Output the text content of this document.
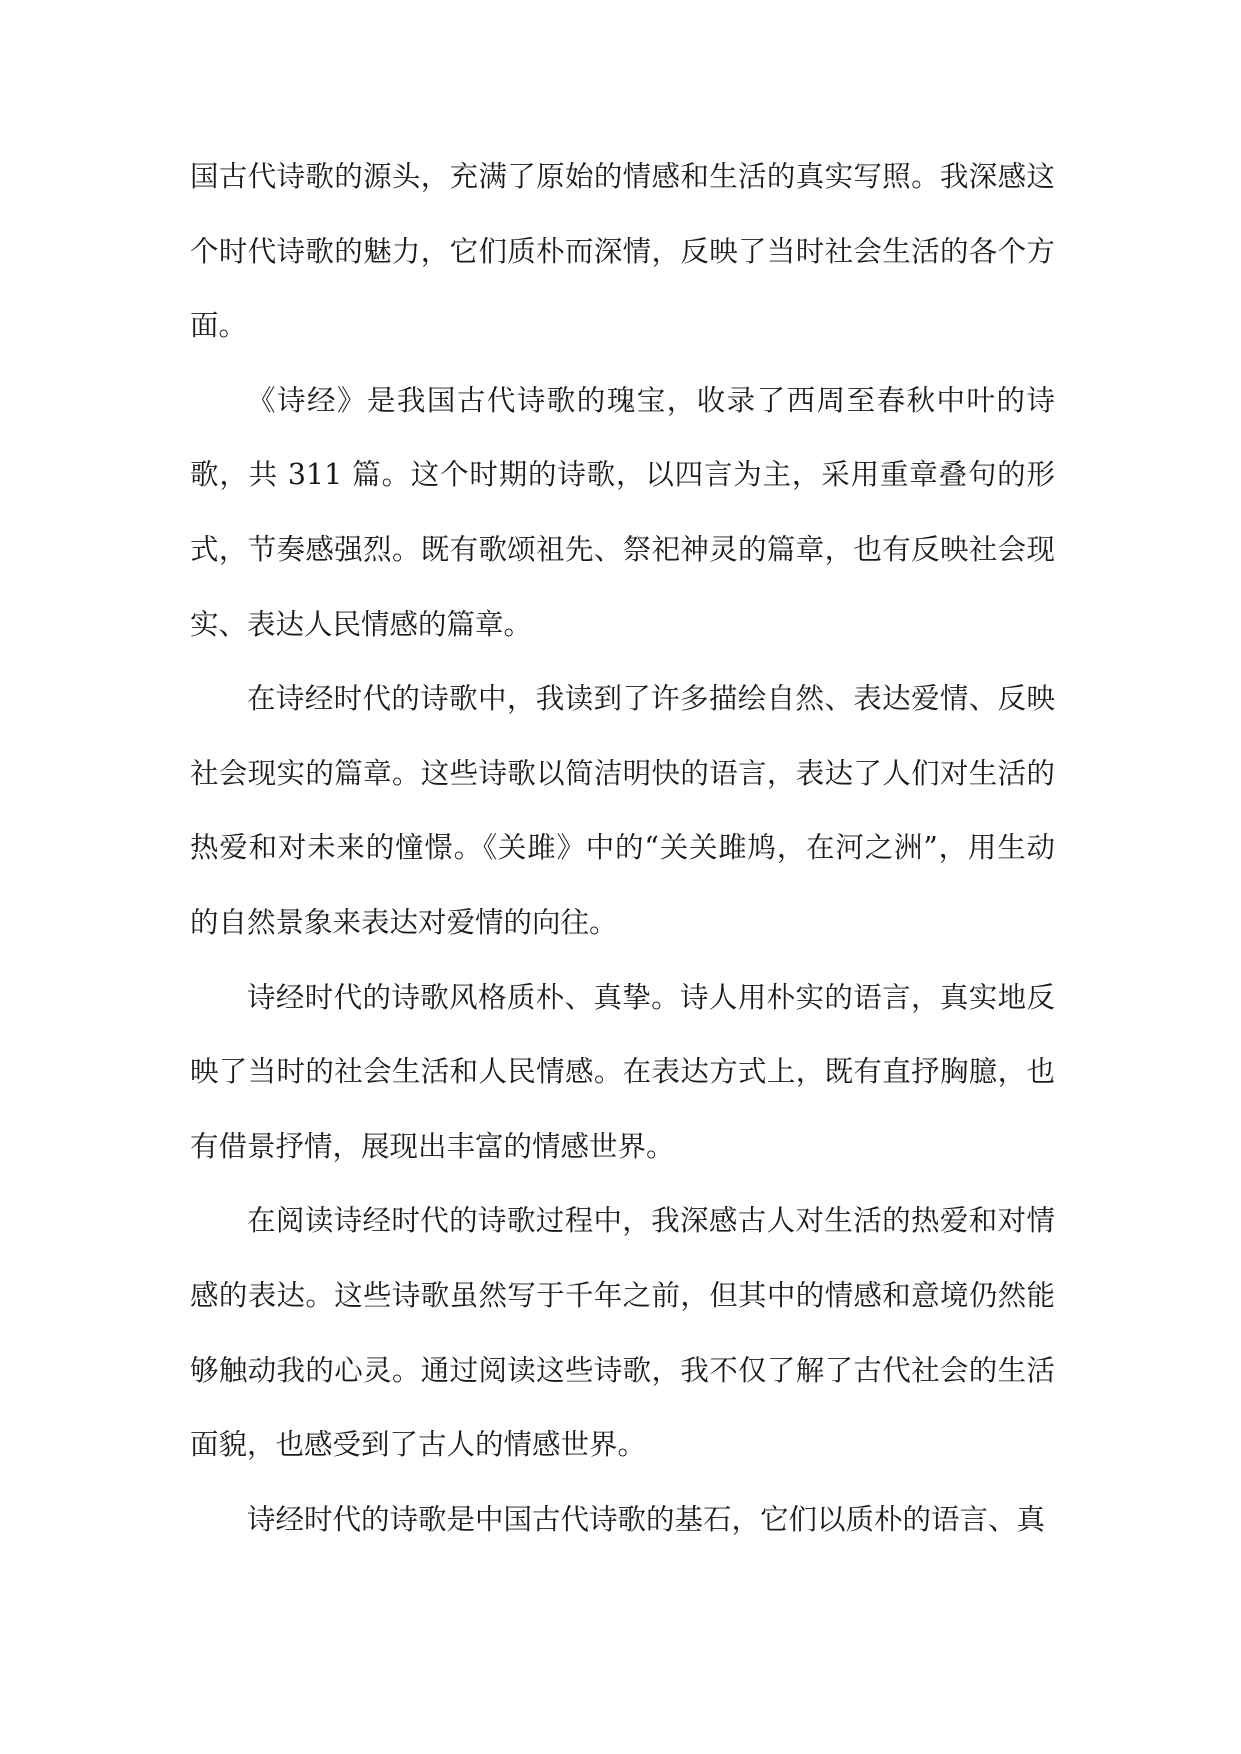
国古代诗歌的源头，充满了原始的情感和生活的真实写照。我深感这个时代诗歌的魅力，它们质朴而深情，反映了当时社会生活的各个方面。

《诗经》是我国古代诗歌的瑰宝，收录了西周至春秋中叶的诗歌，共 311 篇。这个时期的诗歌，以四言为主，采用重章叠句的形式，节奏感强烈。既有歌颂祖先、祭祀神灵的篇章，也有反映社会现实、表达人民情感的篇章。

在诗经时代的诗歌中，我读到了许多描绘自然、表达爱情、反映社会现实的篇章。这些诗歌以简洁明快的语言，表达了人们对生活的热爱和对未来的憧憬。《关雎》中的“关关雎鸠，在河之洲”，用生动的自然景象来表达对爱情的向往。

诗经时代的诗歌风格质朴、真挚。诗人用朴实的语言，真实地反映了当时的社会生活和人民情感。在表达方式上，既有直抒胸臆，也有借景抒情，展现出丰富的情感世界。

在阅读诗经时代的诗歌过程中，我深感古人对生活的热爱和对情感的表达。这些诗歌虽然写于千年之前，但其中的情感和意境仍然能够触动我的心灵。通过阅读这些诗歌，我不仅了解了古代社会的生活面貌，也感受到了古人的情感世界。

诗经时代的诗歌是中国古代诗歌的基石，它们以质朴的语言、真
